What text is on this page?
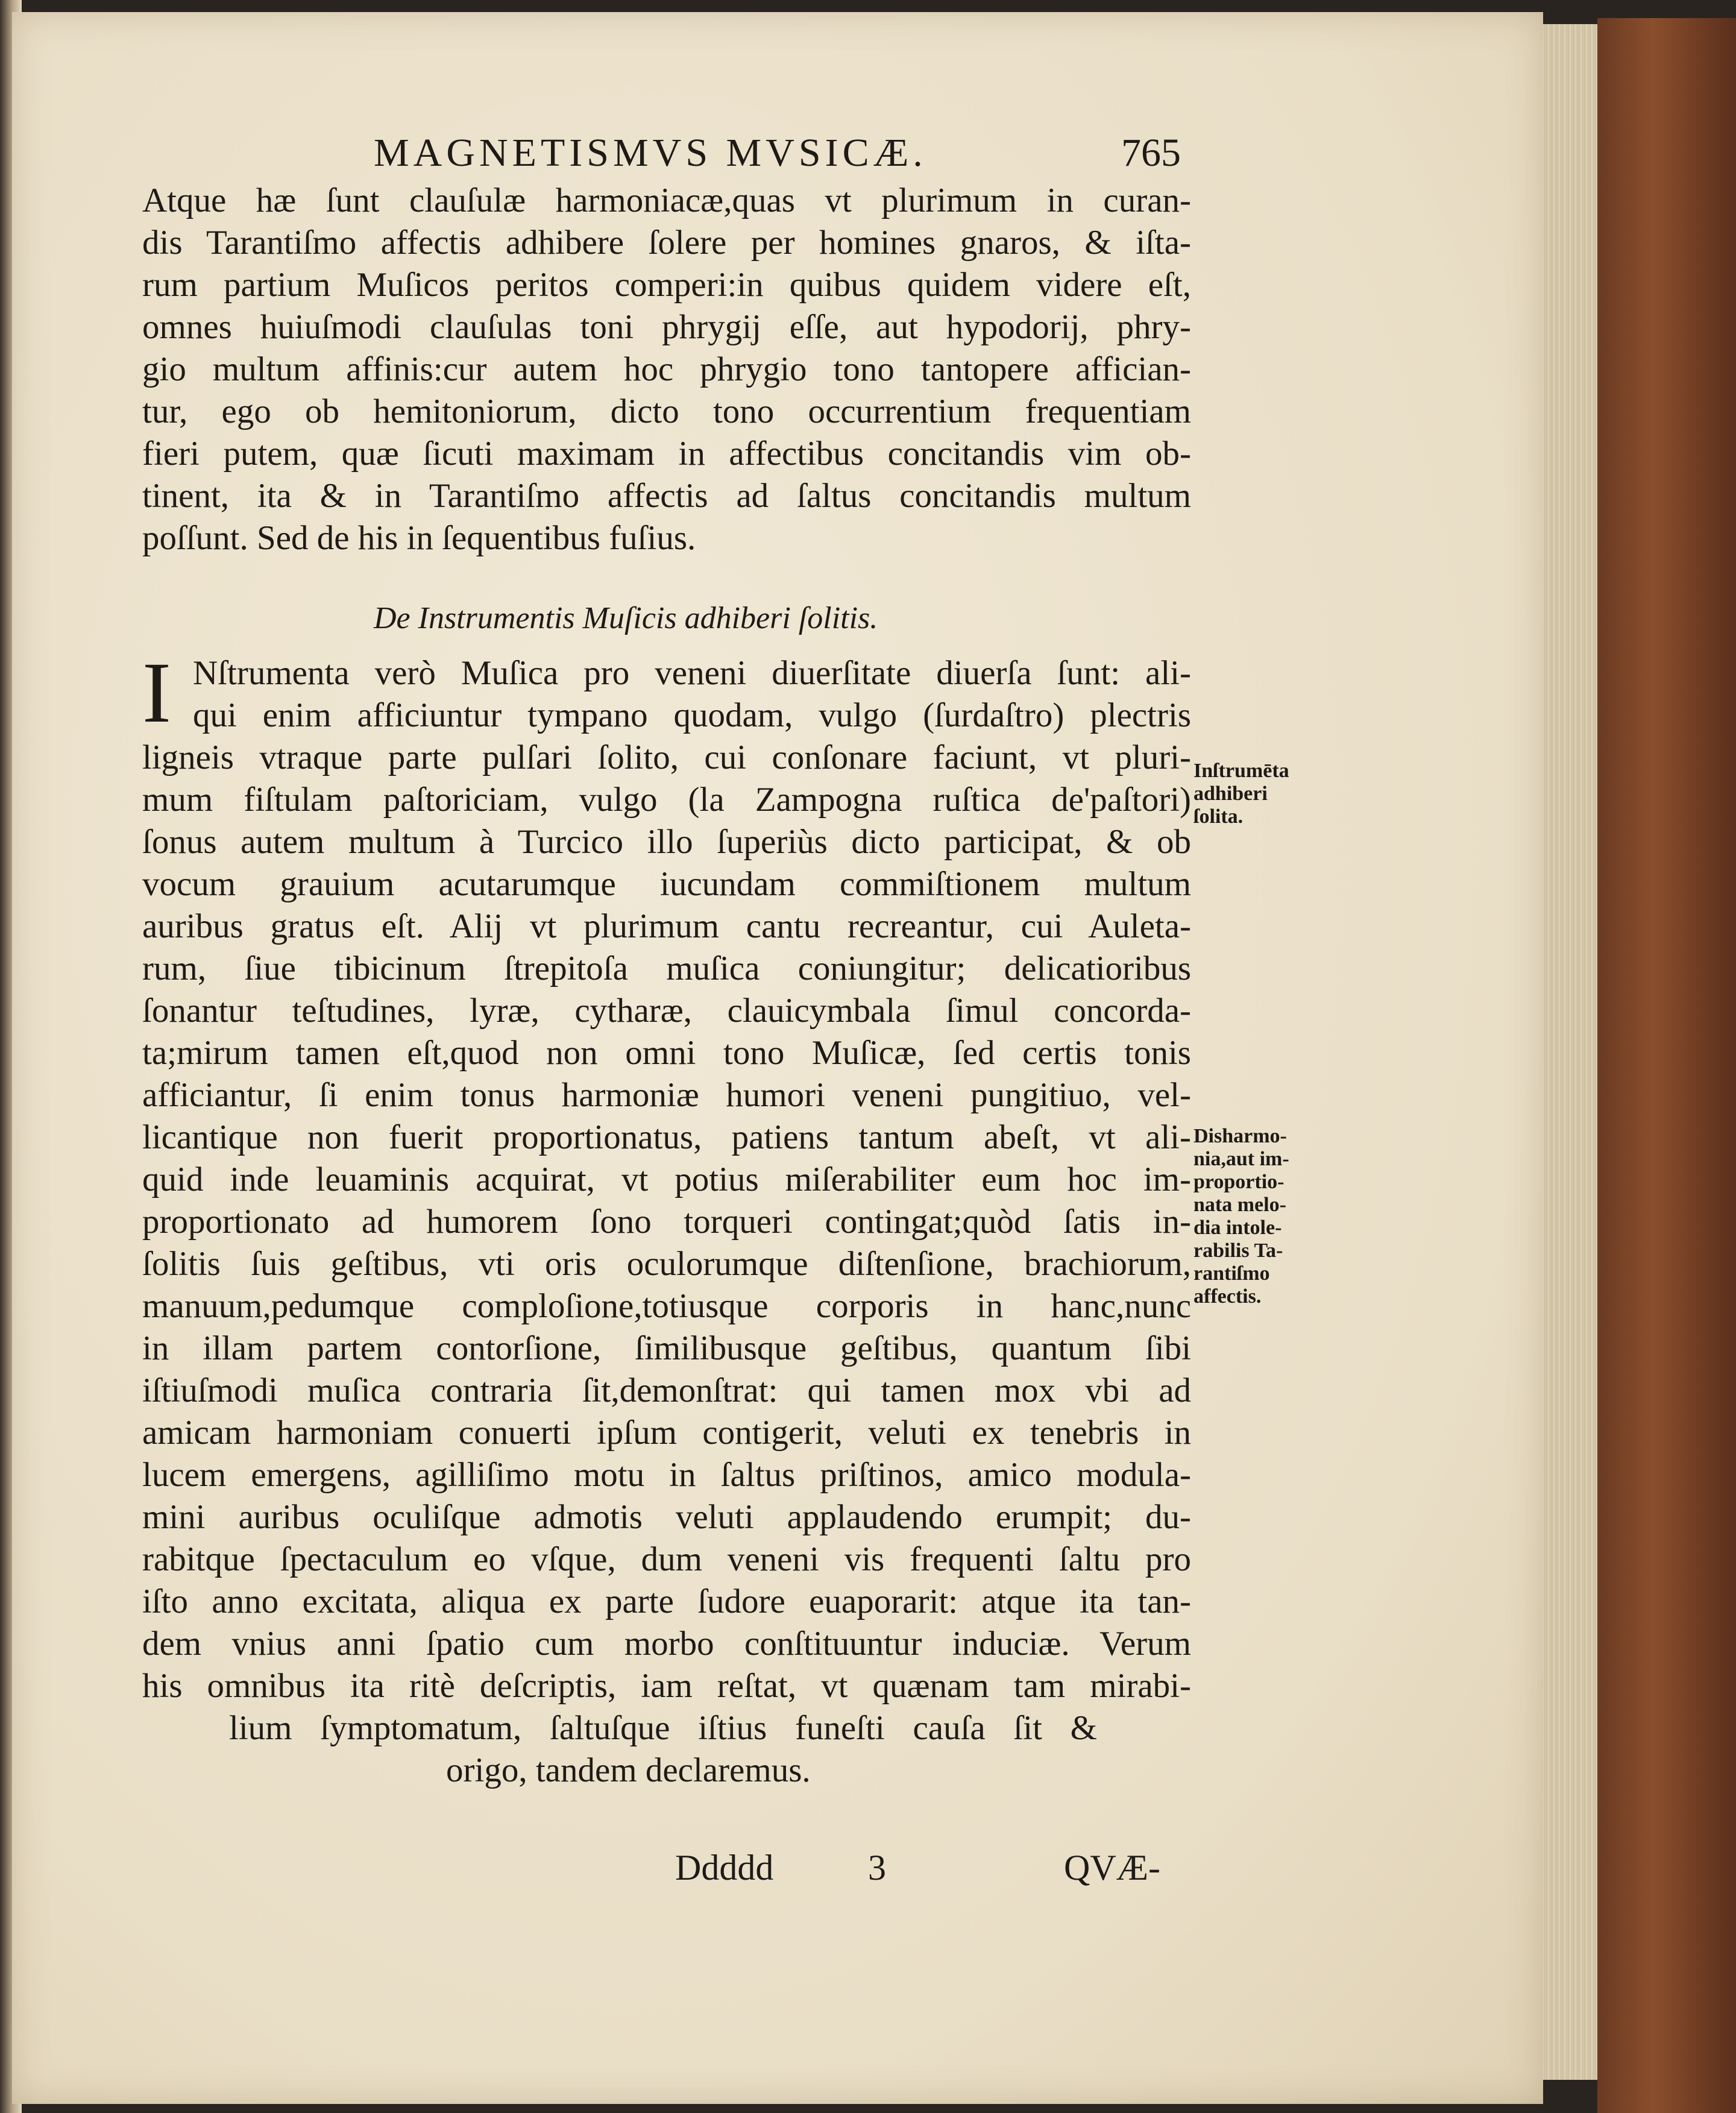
MAGNETISMVS MVSICÆ.	765
Atque hæ ſunt clauſulæ harmoniacæ,quas vt plurimum in curan-
dis Tarantiſmo affectis adhibere ſolere per homines gnaros, & iſta-
rum partium Muſicos peritos comperi:in quibus quidem videre eſt,
omnes huiuſmodi clauſulas toni phrygij eſſe, aut hypodorij, phry-
gio multum affinis:cur autem hoc phrygio tono tantopere affician-
tur, ego ob hemitoniorum, dicto tono occurrentium frequentiam
fieri putem, quæ ſicuti maximam in affectibus concitandis vim ob-
tinent, ita & in Tarantiſmo affectis ad ſaltus concitandis multum
poſſunt. Sed de his in ſequentibus fuſius.
De Instrumentis Muſicis adhiberi ſolitis.
I Nſtrumenta verò Muſica pro veneni diuerſitate diuerſa ſunt: ali-
qui enim afficiuntur tympano quodam, vulgo (ſurdaſtro) plectris
ligneis vtraque parte pulſari ſolito, cui conſonare faciunt, vt pluri-
mum fiſtulam paſtoriciam, vulgo (la Zampogna ruſtica de'paſtori)
ſonus autem multum à Turcico illo ſuperiùs dicto participat, & ob
vocum grauium acutarumque iucundam commiſtionem multum
auribus gratus eſt. Alij vt plurimum cantu recreantur, cui Auleta-
rum, ſiue tibicinum ſtrepitoſa muſica coniungitur; delicatioribus
ſonantur teſtudines, lyræ, cytharæ, clauicymbala ſimul concorda-
ta;mirum tamen eſt,quod non omni tono Muſicæ, ſed certis tonis
afficiantur, ſi enim tonus harmoniæ humori veneni pungitiuo, vel-
licantique non fuerit proportionatus, patiens tantum abeſt, vt ali-
quid inde leuaminis acquirat, vt potius miſerabiliter eum hoc im-
proportionato ad humorem ſono torqueri contingat;quòd ſatis in-
ſolitis ſuis geſtibus, vti oris oculorumque diſtenſione, brachiorum,
manuum,pedumque comploſione,totiusque corporis in hanc,nunc
in illam partem contorſione, ſimilibusque geſtibus, quantum ſibi
iſtiuſmodi muſica contraria ſit,demonſtrat: qui tamen mox vbi ad
amicam harmoniam conuerti ipſum contigerit, veluti ex tenebris in
lucem emergens, agilliſimo motu in ſaltus priſtinos, amico modula-
mini auribus oculiſque admotis veluti applaudendo erumpit; du-
rabitque ſpectaculum eo vſque, dum veneni vis frequenti ſaltu pro
iſto anno excitata, aliqua ex parte ſudore euaporarit: atque ita tan-
dem vnius anni ſpatio cum morbo conſtituuntur induciæ. Verum
his omnibus ita ritè deſcriptis, iam reſtat, vt quænam tam mirabi-
lium ſymptomatum, ſaltuſque iſtius funeſti cauſa ſit &
origo, tandem declaremus.
Inſtrumēta
adhiberi
ſolita.
Disharmo-
nia,aut im-
proportio-
nata melo-
dia intole-
rabilis Ta-
rantiſmo
affectis.
Ddddd	3	QVÆ-
